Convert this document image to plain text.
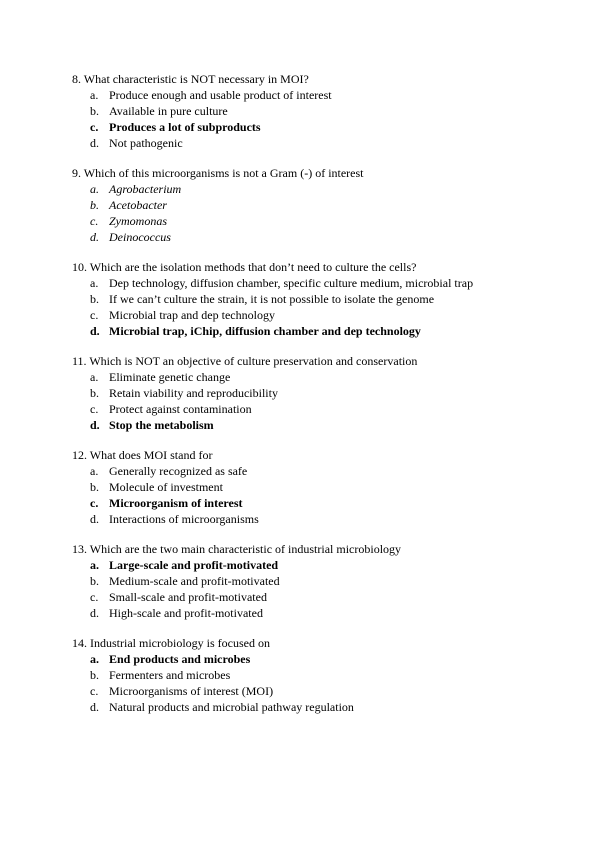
8. What characteristic is NOT necessary in MOI?
a. Produce enough and usable product of interest
b. Available in pure culture
c. Produces a lot of subproducts
d. Not pathogenic
9. Which of this microorganisms is not a Gram (-) of interest
a. Agrobacterium
b. Acetobacter
c. Zymomonas
d. Deinococcus
10. Which are the isolation methods that don’t need to culture the cells?
a. Dep technology, diffusion chamber, specific culture medium, microbial trap
b. If we can’t culture the strain, it is not possible to isolate the genome
c. Microbial trap and dep technology
d. Microbial trap, iChip, diffusion chamber and dep technology
11. Which is NOT an objective of culture preservation and conservation
a. Eliminate genetic change
b. Retain viability and reproducibility
c. Protect against contamination
d. Stop the metabolism
12. What does MOI stand for
a. Generally recognized as safe
b. Molecule of investment
c. Microorganism of interest
d. Interactions of microorganisms
13. Which are the two main characteristic of industrial microbiology
a. Large-scale and profit-motivated
b. Medium-scale and profit-motivated
c. Small-scale and profit-motivated
d. High-scale and profit-motivated
14. Industrial microbiology is focused on
a. End products and microbes
b. Fermenters and microbes
c. Microorganisms of interest (MOI)
d. Natural products and microbial pathway regulation
